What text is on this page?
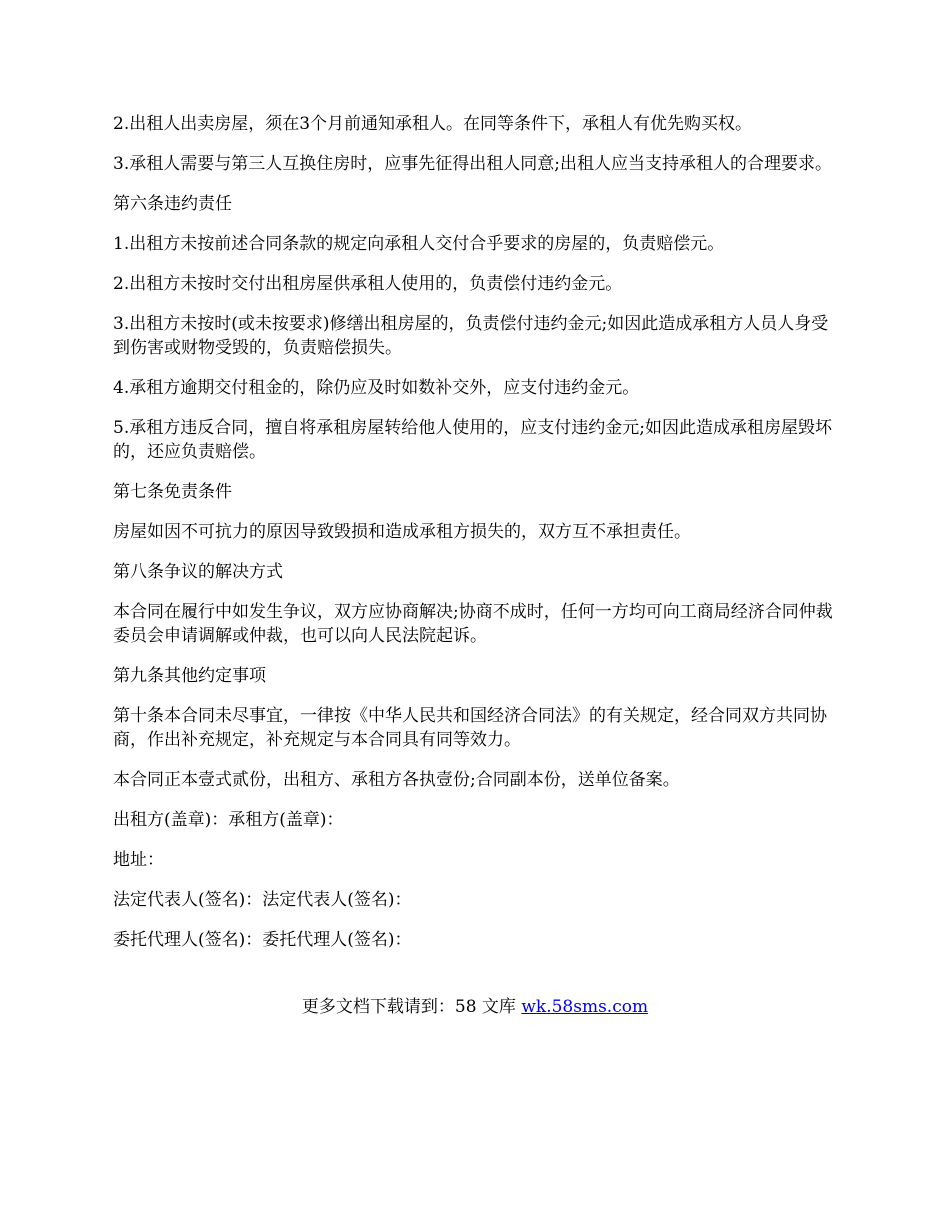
2.出租人出卖房屋，须在3个月前通知承租人。在同等条件下，承租人有优先购买权。

3.承租人需要与第三人互换住房时，应事先征得出租人同意;出租人应当支持承租人的合理要求。

第六条违约责任

1.出租方未按前述合同条款的规定向承租人交付合乎要求的房屋的，负责赔偿元。

2.出租方未按时交付出租房屋供承租人使用的，负责偿付违约金元。

3.出租方未按时(或未按要求)修缮出租房屋的，负责偿付违约金元;如因此造成承租方人员人身受到伤害或财物受毁的，负责赔偿损失。

4.承租方逾期交付租金的，除仍应及时如数补交外，应支付违约金元。

5.承租方违反合同，擅自将承租房屋转给他人使用的，应支付违约金元;如因此造成承租房屋毁坏的，还应负责赔偿。

第七条免责条件

房屋如因不可抗力的原因导致毁损和造成承租方损失的，双方互不承担责任。

第八条争议的解决方式

本合同在履行中如发生争议，双方应协商解决;协商不成时，任何一方均可向工商局经济合同仲裁委员会申请调解或仲裁，也可以向人民法院起诉。

第九条其他约定事项

第十条本合同未尽事宜，一律按《中华人民共和国经济合同法》的有关规定，经合同双方共同协商，作出补充规定，补充规定与本合同具有同等效力。

本合同正本壹式贰份，出租方、承租方各执壹份;合同副本份，送单位备案。

出租方(盖章)：承租方(盖章)：

地址：

法定代表人(签名)：法定代表人(签名)：

委托代理人(签名)：委托代理人(签名)：

更多文档下载请到：58 文库 wk.58sms.com
